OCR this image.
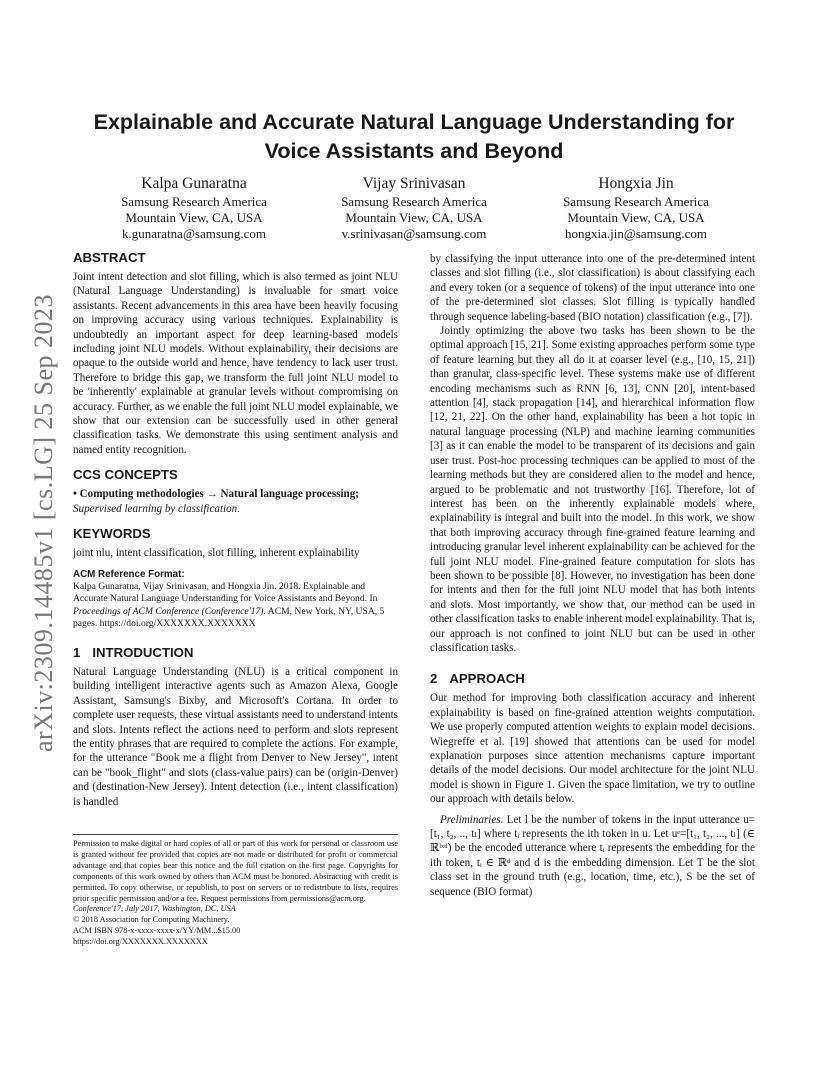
arXiv:2309.14485v1 [cs.LG] 25 Sep 2023
Explainable and Accurate Natural Language Understanding for
Voice Assistants and Beyond
Kalpa Gunaratna
Samsung Research America
Mountain View, CA, USA
k.gunaratna@samsung.com
Vijay Srinivasan
Samsung Research America
Mountain View, CA, USA
v.srinivasan@samsung.com
Hongxia Jin
Samsung Research America
Mountain View, CA, USA
hongxia.jin@samsung.com
ABSTRACT

Joint intent detection and slot filling, which is also termed as joint NLU (Natural Language Understanding) is invaluable for smart voice assistants. Recent advancements in this area have been heavily focusing on improving accuracy using various techniques. Explainability is undoubtedly an important aspect for deep learning-based models including joint NLU models. Without explainability, their decisions are opaque to the outside world and hence, have tendency to lack user trust. Therefore to bridge this gap, we transform the full joint NLU model to be 'inherently' explainable at granular levels without compromising on accuracy. Further, as we enable the full joint NLU model explainable, we show that our extension can be successfully used in other general classification tasks. We demonstrate this using sentiment analysis and named entity recognition.

CCS CONCEPTS

• Computing methodologies → Natural language processing; Supervised learning by classification.

KEYWORDS

joint nlu, intent classification, slot filling, inherent explainability

ACM Reference Format:

Kalpa Gunaratna, Vijay Srinivasan, and Hongxia Jin. 2018. Explainable and Accurate Natural Language Understanding for Voice Assistants and Beyond. In Proceedings of ACM Conference (Conference'17). ACM, New York, NY, USA, 5 pages. https://doi.org/XXXXXXX.XXXXXXX

1 INTRODUCTION

Natural Language Understanding (NLU) is a critical component in building intelligent interactive agents such as Amazon Alexa, Google Assistant, Samsung's Bixby, and Microsoft's Cortana. In order to complete user requests, these virtual assistants need to understand intents and slots. Intents reflect the actions need to perform and slots represent the entity phrases that are required to complete the actions. For example, for the utterance "Book me a flight from Denver to New Jersey", intent can be "book_flight" and slots (class-value pairs) can be (origin-Denver) and (destination-New Jersey). Intent detection (i.e., intent classification) is handled

Permission to make digital or hard copies of all or part of this work for personal or classroom use is granted without fee provided that copies are not made or distributed for profit or commercial advantage and that copies bear this notice and the full citation on the first page. Copyrights for components of this work owned by others than ACM must be honored. Abstracting with credit is permitted. To copy otherwise, or republish, to post on servers or to redistribute to lists, requires prior specific permission and/or a fee. Request permissions from permissions@acm.org.
Conference'17, July 2017, Washington, DC, USA
© 2018 Association for Computing Machinery.
ACM ISBN 978-x-xxxx-xxxx-x/YY/MM...$15.00
https://doi.org/XXXXXXX.XXXXXXX

by classifying the input utterance into one of the pre-determined intent classes and slot filling (i.e., slot classification) is about classifying each and every token (or a sequence of tokens) of the input utterance into one of the pre-determined slot classes. Slot filling is typically handled through sequence labeling-based (BIO notation) classification (e.g., [7]).

Jointly optimizing the above two tasks has been shown to be the optimal approach [15, 21]. Some existing approaches perform some type of feature learning but they all do it at coarser level (e.g., [10, 15, 21]) than granular, class-specific level. These systems make use of different encoding mechanisms such as RNN [6, 13], CNN [20], intent-based attention [4], stack propagation [14], and hierarchical information flow [12, 21, 22]. On the other hand, explainability has been a hot topic in natural language processing (NLP) and machine learning communities [3] as it can enable the model to be transparent of its decisions and gain user trust. Post-hoc processing techniques can be applied to most of the learning methods but they are considered alien to the model and hence, argued to be problematic and not trustworthy [16]. Therefore, lot of interest has been on the inherently explainable models where, explainability is integral and built into the model. In this work, we show that both improving accuracy through fine-grained feature learning and introducing granular level inherent explainability can be achieved for the full joint NLU model. Fine-grained feature computation for slots has been shown to be possible [8]. However, no investigation has been done for intents and then for the full joint NLU model that has both intents and slots. Most importantly, we show that, our method can be used in other classification tasks to enable inherent model explainability. That is, our approach is not confined to joint NLU but can be used in other classification tasks.

2 APPROACH

Our method for improving both classification accuracy and inherent explainability is based on fine-grained attention weights computation. We use properly computed attention weights to explain model decisions. Wiegreffe et al. [19] showed that attentions can be used for model explanation purposes since attention mechanisms capture important details of the model decisions. Our model architecture for the joint NLU model is shown in Figure 1. Given the space limitation, we try to outline our approach with details below.

Preliminaries. Let l be the number of tokens in the input utterance u=[t₁, t₂, .., tₗ] where tᵢ represents the ith token in u. Let uᵉ=[t₁, t₂, ..., tₗ] (∈ ℝˡˣᵈ) be the encoded utterance where tᵢ represents the embedding for the ith token, tᵢ ∈ ℝᵈ and d is the embedding dimension. Let T be the slot class set in the ground truth (e.g., location, time, etc.), S be the set of sequence (BIO format)
